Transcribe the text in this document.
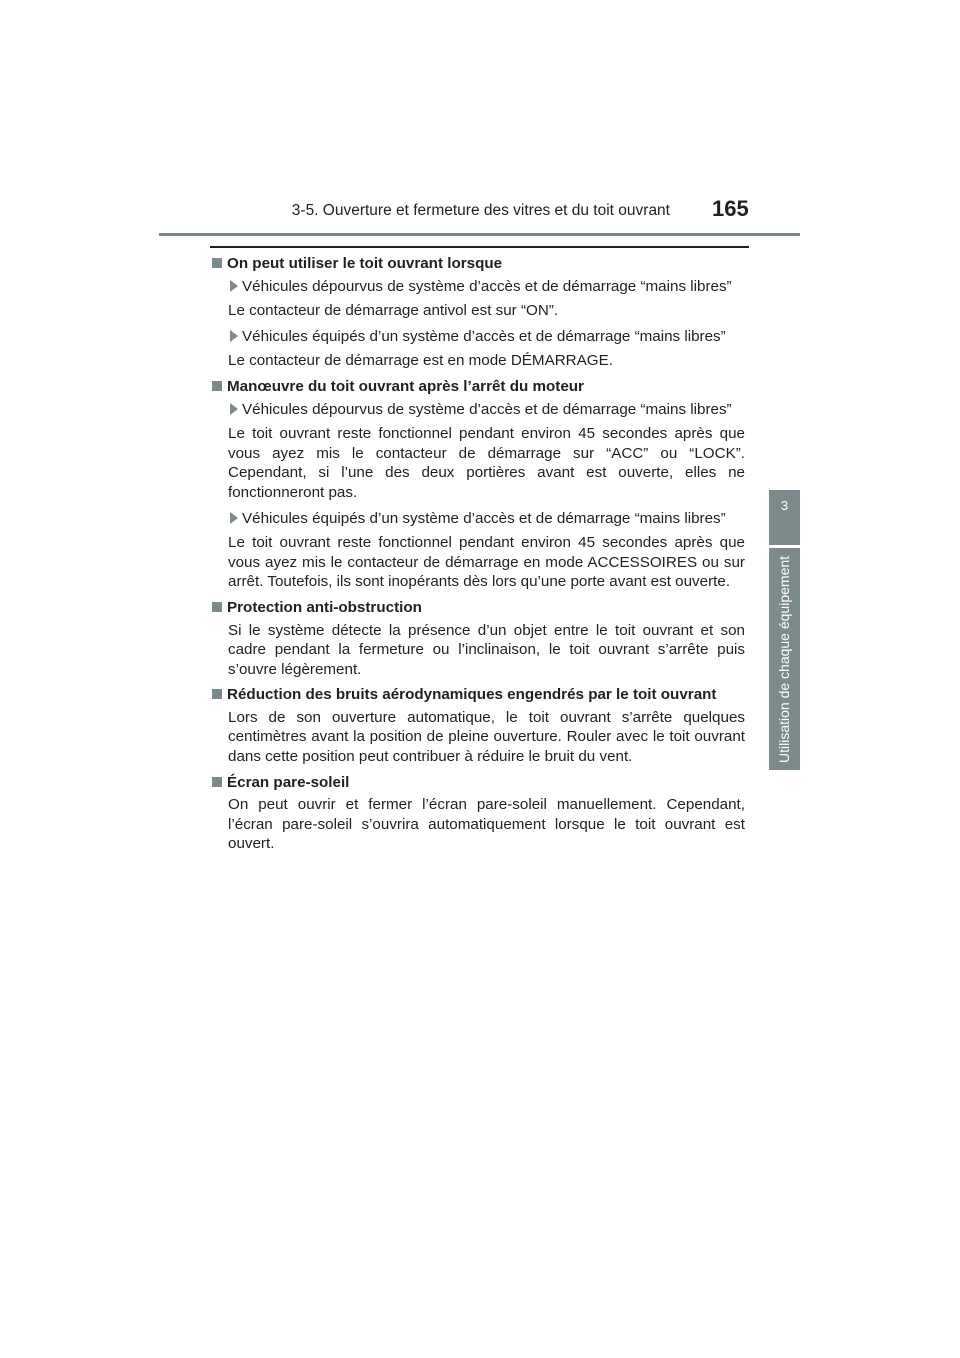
3-5. Ouverture et fermeture des vitres et du toit ouvrant 165
3
Utilisation de chaque équipement
On peut utiliser le toit ouvrant lorsque
Véhicules dépourvus de système d’accès et de démarrage “mains libres”

Le contacteur de démarrage antivol est sur “ON”.

Véhicules équipés d’un système d’accès et de démarrage “mains libres”

Le contacteur de démarrage est en mode DÉMARRAGE.

Manœuvre du toit ouvrant après l’arrêt du moteur
Véhicules dépourvus de système d’accès et de démarrage “mains libres”

Le toit ouvrant reste fonctionnel pendant environ 45 secondes après que vous ayez mis le contacteur de démarrage sur “ACC” ou “LOCK”. Cependant, si l’une des deux portières avant est ouverte, elles ne fonctionneront pas.

Véhicules équipés d’un système d’accès et de démarrage “mains libres”

Le toit ouvrant reste fonctionnel pendant environ 45 secondes après que vous ayez mis le contacteur de démarrage en mode ACCESSOIRES ou sur arrêt. Toutefois, ils sont inopérants dès lors qu’une porte avant est ouverte.

Protection anti-obstruction

Si le système détecte la présence d’un objet entre le toit ouvrant et son cadre pendant la fermeture ou l’inclinaison, le toit ouvrant s’arrête puis s’ouvre légèrement.

Réduction des bruits aérodynamiques engendrés par le toit ouvrant

Lors de son ouverture automatique, le toit ouvrant s’arrête quelques centimètres avant la position de pleine ouverture. Rouler avec le toit ouvrant dans cette position peut contribuer à réduire le bruit du vent.

Écran pare-soleil

On peut ouvrir et fermer l’écran pare-soleil manuellement. Cependant, l’écran pare-soleil s’ouvrira automatiquement lorsque le toit ouvrant est ouvert.
